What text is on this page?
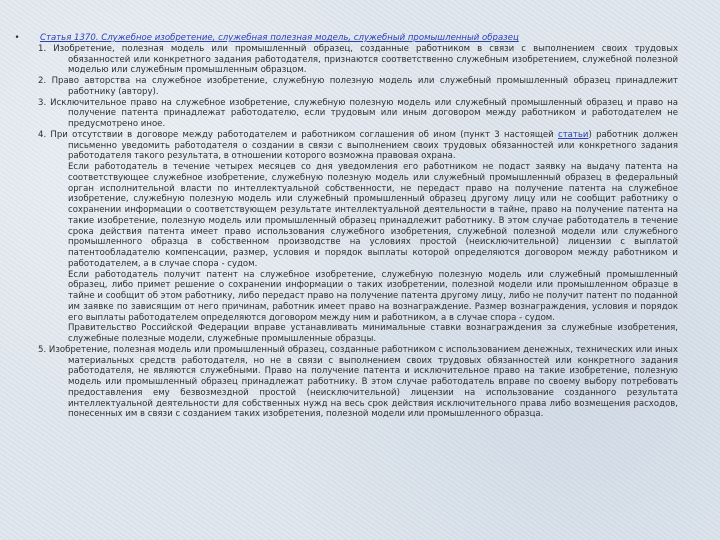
•	Статья 1370. Служебное изобретение, служебная полезная модель, служебный промышленный образец

1. Изобретение, полезная модель или промышленный образец, созданные работником в связи с выполнением своих трудовых обязанностей или конкретного задания работодателя, признаются соответственно служебным изобретением, служебной полезной моделью или служебным промышленным образцом.

2. Право авторства на служебное изобретение, служебную полезную модель или служебный промышленный образец принадлежит работнику (автору).

3. Исключительное право на служебное изобретение, служебную полезную модель или служебный промышленный образец и право на получение патента принадлежат работодателю, если трудовым или иным договором между работником и работодателем не предусмотрено иное.

4. При отсутствии в договоре между работодателем и работником соглашения об ином (пункт 3 настоящей статьи) работник должен письменно уведомить работодателя о создании в связи с выполнением своих трудовых обязанностей или конкретного задания работодателя такого результата, в отношении которого возможна правовая охрана.

Если работодатель в течение четырех месяцев со дня уведомления его работником не подаст заявку на выдачу патента на соответствующее служебное изобретение, служебную полезную модель или служебный промышленный образец в федеральный орган исполнительной власти по интеллектуальной собственности, не передаст право на получение патента на служебное изобретение, служебную полезную модель или служебный промышленный образец другому лицу или не сообщит работнику о сохранении информации о соответствующем результате интеллектуальной деятельности в тайне, право на получение патента на такие изобретение, полезную модель или промышленный образец принадлежит работнику. В этом случае работодатель в течение срока действия патента имеет право использования служебного изобретения, служебной полезной модели или служебного промышленного образца в собственном производстве на условиях простой (неисключительной) лицензии с выплатой патентообладателю компенсации, размер, условия и порядок выплаты которой определяются договором между работником и работодателем, а в случае спора - судом.

Если работодатель получит патент на служебное изобретение, служебную полезную модель или служебный промышленный образец, либо примет решение о сохранении информации о таких изобретении, полезной модели или промышленном образце в тайне и сообщит об этом работнику, либо передаст право на получение патента другому лицу, либо не получит патент по поданной им заявке по зависящим от него причинам, работник имеет право на вознаграждение. Размер вознаграждения, условия и порядок его выплаты работодателем определяются договором между ним и работником, а в случае спора - судом.

Правительство Российской Федерации вправе устанавливать минимальные ставки вознаграждения за служебные изобретения, служебные полезные модели, служебные промышленные образцы.

5. Изобретение, полезная модель или промышленный образец, созданные работником с использованием денежных, технических или иных материальных средств работодателя, но не в связи с выполнением своих трудовых обязанностей или конкретного задания работодателя, не являются служебными. Право на получение патента и исключительное право на такие изобретение, полезную модель или промышленный образец принадлежат работнику. В этом случае работодатель вправе по своему выбору потребовать предоставления ему безвозмездной простой (неисключительной) лицензии на использование созданного результата интеллектуальной деятельности для собственных нужд на весь срок действия исключительного права либо возмещения расходов, понесенных им в связи с созданием таких изобретения, полезной модели или промышленного образца.
